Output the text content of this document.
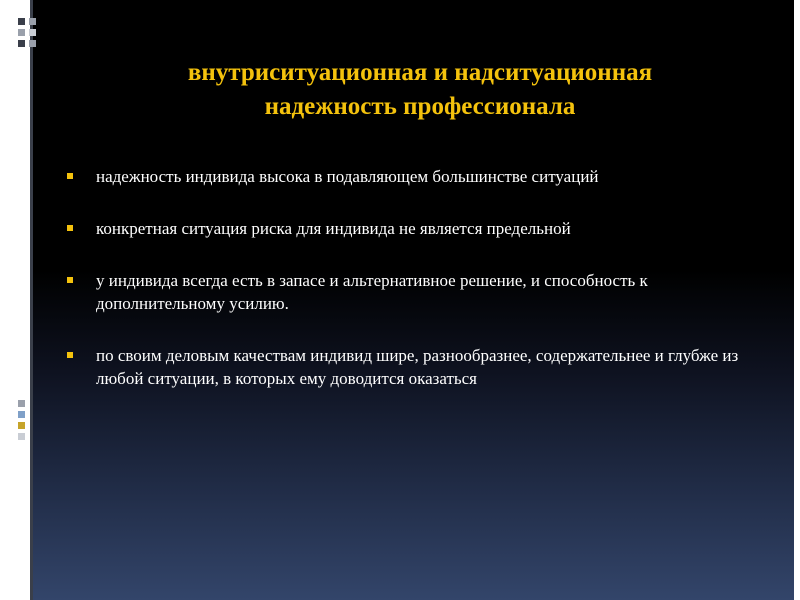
внутриситуационная и надситуационная
надежность профессионала
надежность индивида высока в подавляющем большинстве ситуаций
конкретная ситуация риска для индивида не является предельной
у индивида всегда есть в запасе и альтернативное решение, и способность к дополнительному усилию.
по своим деловым качествам индивид шире, разнообразнее, содержательнее и глубже из любой ситуации, в которых ему доводится оказаться
